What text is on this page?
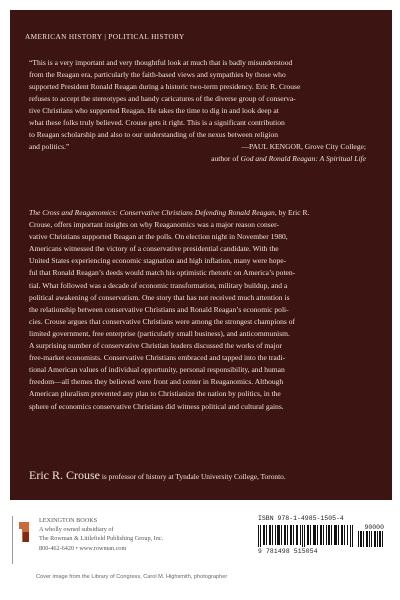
AMERICAN HISTORY | POLITICAL HISTORY
“This is a very important and very thoughtful look at much that is badly misunderstood
from the Reagan era, particularly the faith-based views and sympathies by those who
supported President Ronald Reagan during a historic two-term presidency. Eric R. Crouse
refuses to accept the stereotypes and handy caricatures of the diverse group of conserva-
tive Christians who supported Reagan. He takes the time to dig in and look deep at
what these folks truly believed. Crouse gets it right. This is a significant contribution
to Reagan scholarship and also to our understanding of the nexus between religion
and politics.”	—PAUL KENGOR, Grove City College;
author of God and Ronald Reagan: A Spiritual Life
The Cross and Reaganomics: Conservative Christians Defending Ronald Reagan, by Eric R.
Crouse, offers important insights on why Reaganomics was a major reason conser-
vative Christians supported Reagan at the polls. On election night in November 1980,
Americans witnessed the victory of a conservative presidential candidate. With the
United States experiencing economic stagnation and high inflation, many were hope-
ful that Ronald Reagan’s deeds would match his optimistic rhetoric on America’s poten-
tial. What followed was a decade of economic transformation, military buildup, and a
political awakening of conservatism. One story that has not received much attention is
the relationship between conservative Christians and Ronald Reagan’s economic poli-
cies. Crouse argues that conservative Christians were among the strongest champions of
limited government, free enterprise (particularly small business), and anticommunism.
A surprising number of conservative Christian leaders discussed the works of major
free-market economists. Conservative Christians embraced and tapped into the tradi-
tional American values of individual opportunity, personal responsibility, and human
freedom—all themes they believed were front and center in Reaganomics. Although
American pluralism prevented any plan to Christianize the nation by politics, in the
sphere of economics conservative Christians did witness political and cultural gains.
Eric R. Crouse is professor of history at Tyndale University College, Toronto.
LEXINGTON BOOKS
A wholly owned subsidiary of
The Rowman & Littlefield Publishing Group, Inc.
800-462-6420 • www.rowman.com
ISBN 978-1-4985-1505-4
90000
9 781498 515054
Cover image from the Library of Congress, Carol M. Highsmith, photographer
